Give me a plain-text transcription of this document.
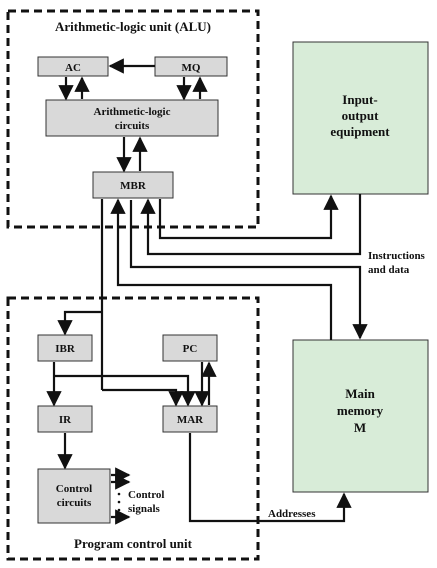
Arithmetic-logic unit (ALU)
Program control unit
AC	MQ
Arithmetic-logic
circuits
MBR
IBR	PC
IR	MAR
Control
circuits
Input-
output
equipment
Main
memory
M
Control
signals
Instructions
and data
Addresses
